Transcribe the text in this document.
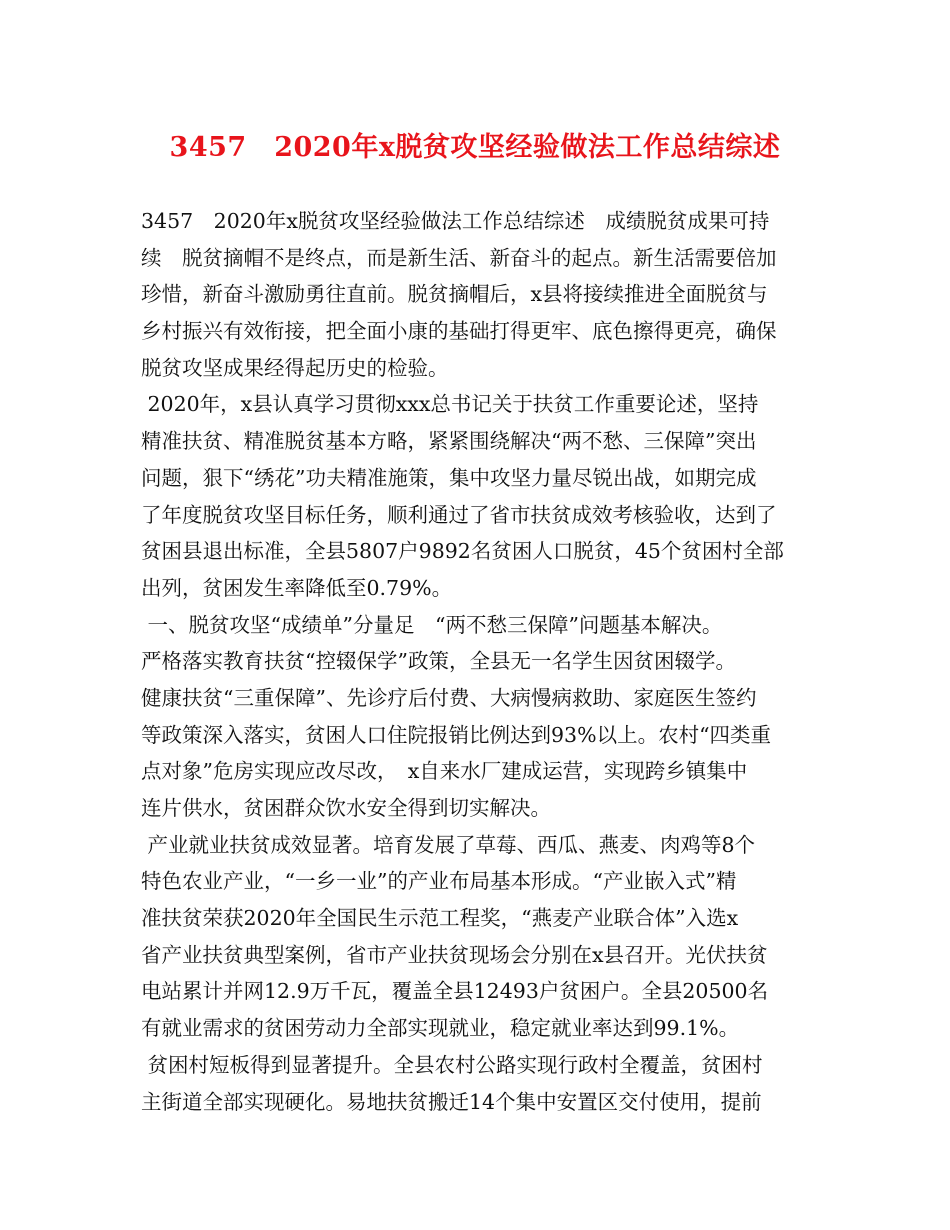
3457　2020年x脱贫攻坚经验做法工作总结综述
3457　2020年x脱贫攻坚经验做法工作总结综述　成绩脱贫成果可持
续　脱贫摘帽不是终点，而是新生活、新奋斗的起点。新生活需要倍加
珍惜，新奋斗激励勇往直前。脱贫摘帽后，x县将接续推进全面脱贫与
乡村振兴有效衔接，把全面小康的基础打得更牢、底色擦得更亮，确保
脱贫攻坚成果经得起历史的检验。
2020年，x县认真学习贯彻xxx总书记关于扶贫工作重要论述，坚持
精准扶贫、精准脱贫基本方略，紧紧围绕解决“两不愁、三保障”突出
问题，狠下“绣花”功夫精准施策，集中攻坚力量尽锐出战，如期完成
了年度脱贫攻坚目标任务，顺利通过了省市扶贫成效考核验收，达到了
贫困县退出标准，全县5807户9892名贫困人口脱贫，45个贫困村全部
出列，贫困发生率降低至0.79%。
一、脱贫攻坚“成绩单”分量足　“两不愁三保障”问题基本解决。
严格落实教育扶贫“控辍保学”政策，全县无一名学生因贫困辍学。
健康扶贫“三重保障”、先诊疗后付费、大病慢病救助、家庭医生签约
等政策深入落实，贫困人口住院报销比例达到93%以上。农村“四类重
点对象”危房实现应改尽改，　x自来水厂建成运营，实现跨乡镇集中
连片供水，贫困群众饮水安全得到切实解决。
产业就业扶贫成效显著。培育发展了草莓、西瓜、燕麦、肉鸡等8个
特色农业产业，“一乡一业”的产业布局基本形成。“产业嵌入式”精
准扶贫荣获2020年全国民生示范工程奖，“燕麦产业联合体”入选x
省产业扶贫典型案例，省市产业扶贫现场会分别在x县召开。光伏扶贫
电站累计并网12.9万千瓦，覆盖全县12493户贫困户。全县20500名
有就业需求的贫困劳动力全部实现就业，稳定就业率达到99.1%。
贫困村短板得到显著提升。全县农村公路实现行政村全覆盖，贫困村
主街道全部实现硬化。易地扶贫搬迁14个集中安置区交付使用，提前
